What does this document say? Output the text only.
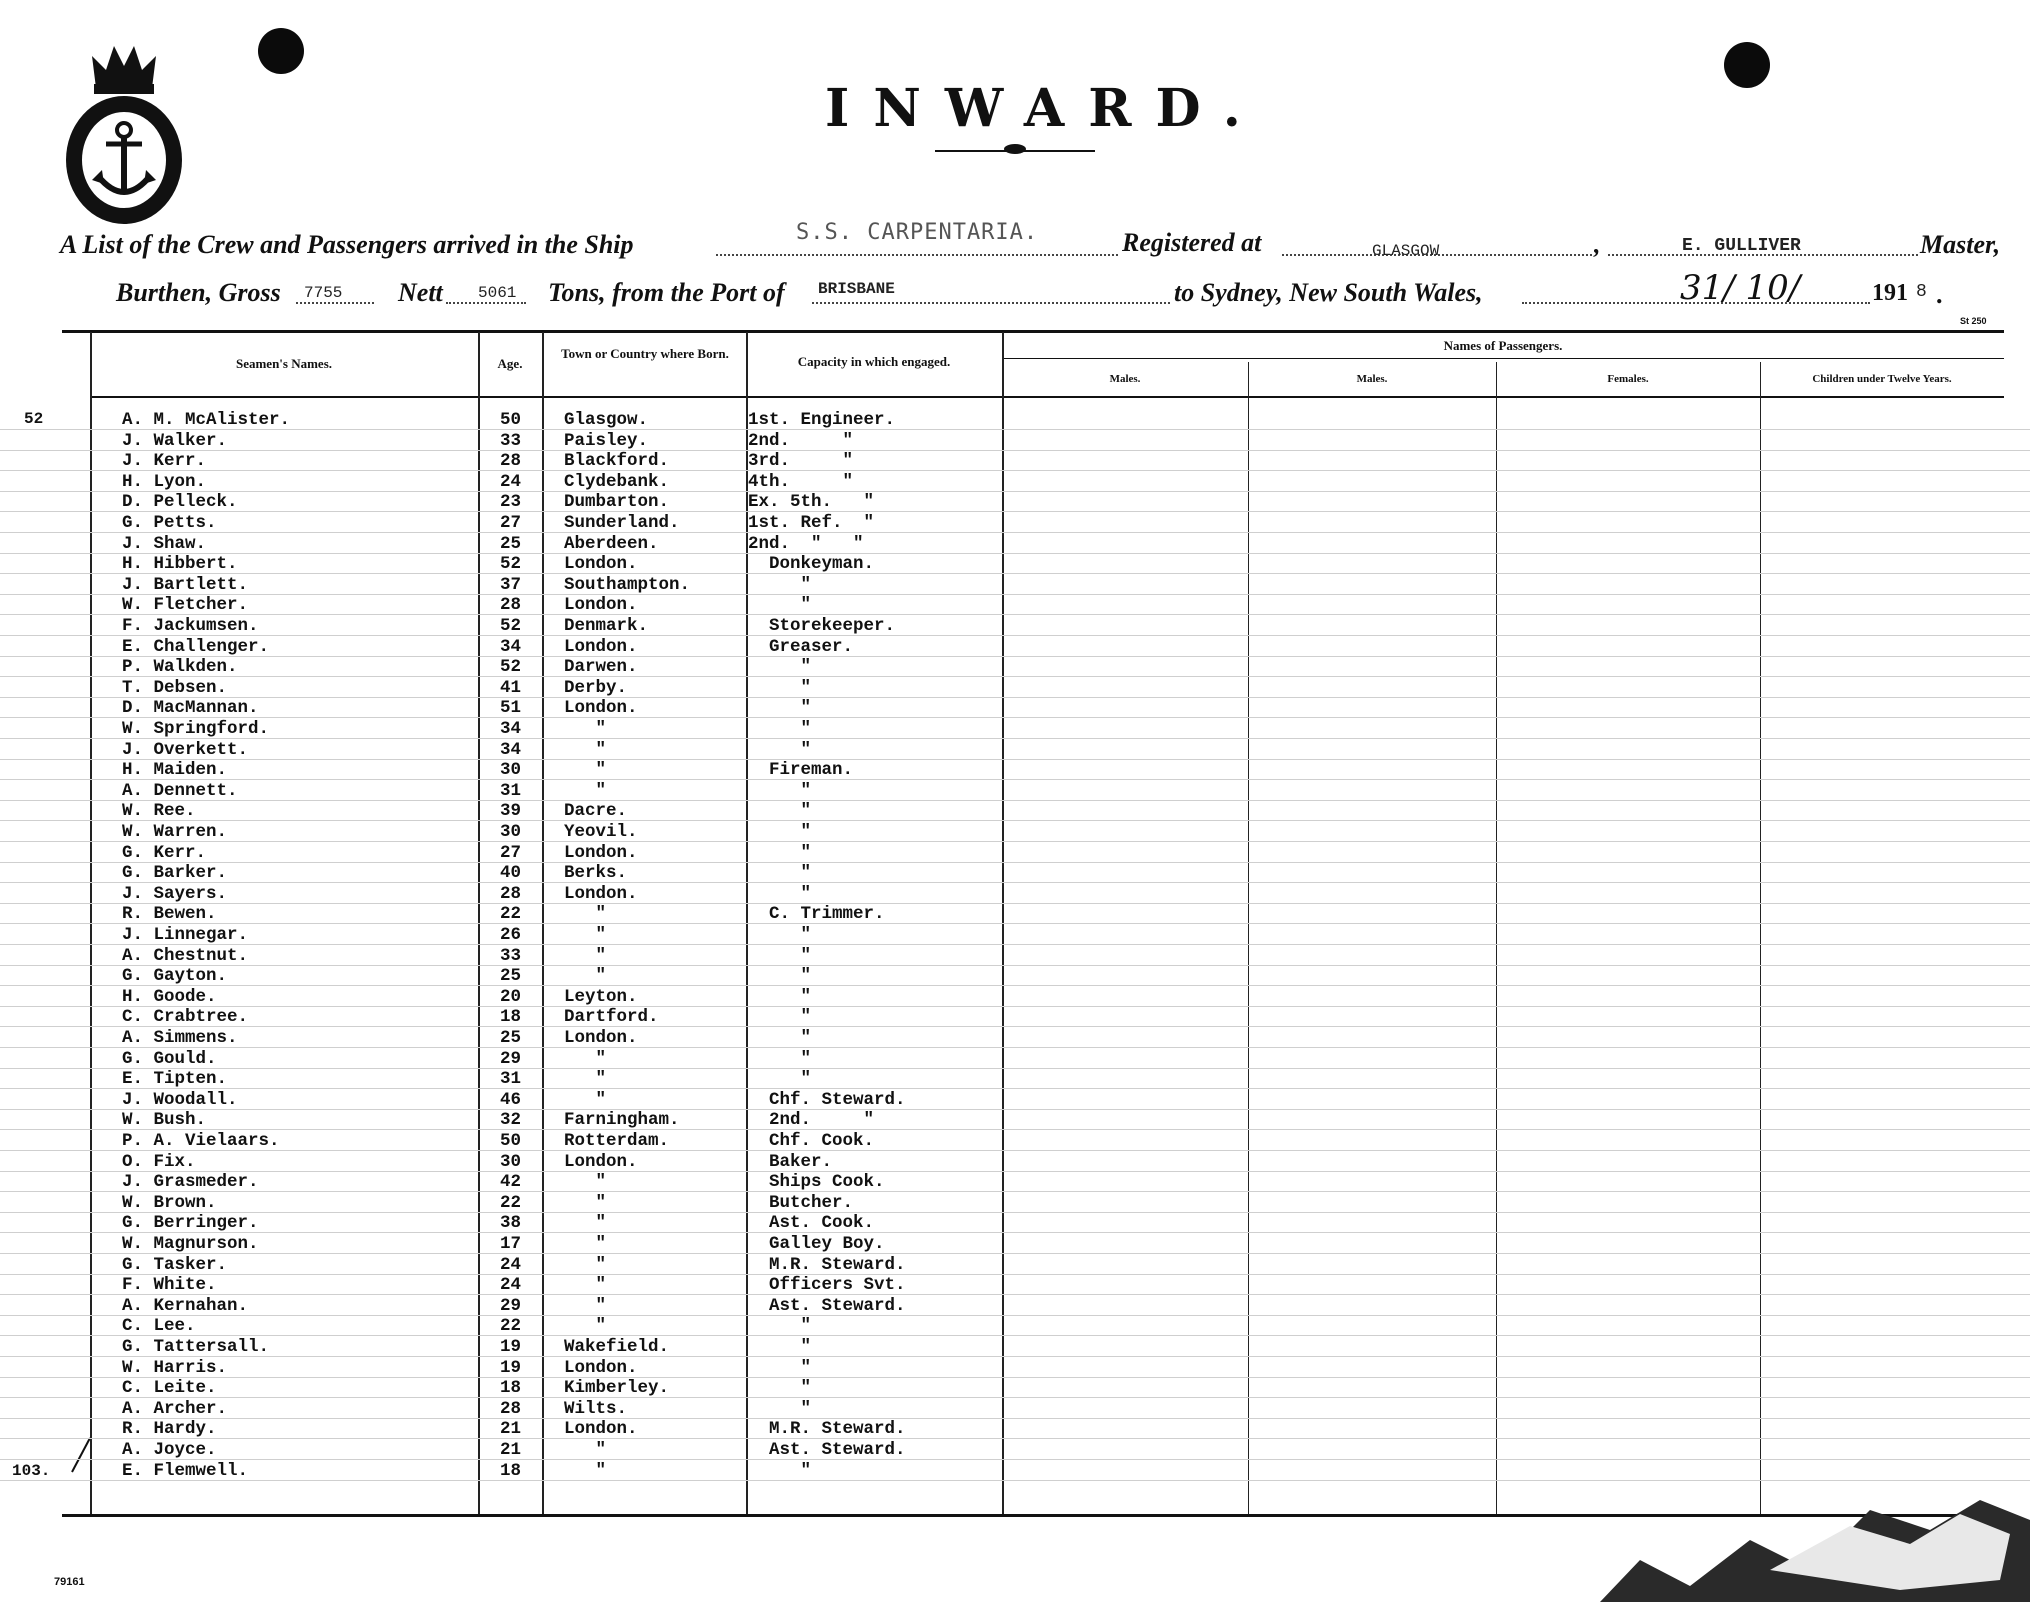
INWARD.
A List of the Crew and Passengers arrived in the Ship	S.S. CARPENTARIA.	Registered at	GLASGOW	,	E. GULLIVER	Master,
Burthen, Gross 7755 Nett 5061 Tons, from the Port of BRISBANE	to Sydney, New South Wales,	31/ 10/	191 8 .
St 250
Seamen's Names.	Age.
Town or Country where Born.
Capacity in which engaged.
Names of Passengers.
Males.	Males.	Females.	Children under Twelve Years.
52
103.
A. M. McAlister.	50 Glasgow.	1st. Engineer.
J. Walker.	33 Paisley.	2nd.     "
J. Kerr.	28 Blackford.	3rd.     "
H. Lyon.	24 Clydebank.	4th.     "
D. Pelleck.	23 Dumbarton.	Ex. 5th.   "
G. Petts.	27 Sunderland.	1st. Ref.  "
J. Shaw.	25 Aberdeen.	2nd.  "   "
H. Hibbert.	52 London.	Donkeyman.
J. Bartlett.	37 Southampton.	"
W. Fletcher.	28 London.	"
F. Jackumsen.	52 Denmark.	Storekeeper.
E. Challenger.	34 London.	Greaser.
P. Walkden.	52 Darwen.	"
T. Debsen.	41 Derby.	"
D. MacMannan.	51 London.	"
W. Springford.	34 "	"
J. Overkett.	34 "	"
H. Maiden.	30 "	Fireman.
A. Dennett.	31 "	"
W. Ree.	39 Dacre.	"
W. Warren.	30 Yeovil.	"
G. Kerr.	27 London.	"
G. Barker.	40 Berks.	"
J. Sayers.	28 London.	"
R. Bewen.	22 "	C. Trimmer.
J. Linnegar.	26 "	"
A. Chestnut.	33 "	"
G. Gayton.	25 "	"
H. Goode.	20 Leyton.	"
C. Crabtree.	18 Dartford.	"
A. Simmens.	25 London.	"
G. Gould.	29 "	"
E. Tipten.	31 "	"
J. Woodall.	46 "	Chf. Steward.
W. Bush.	32 Farningham.	2nd.     "
P. A. Vielaars.	50 Rotterdam.	Chf. Cook.
O. Fix.	30 London.	Baker.
J. Grasmeder.	42 "	Ships Cook.
W. Brown.	22 "	Butcher.
G. Berringer.	38 "	Ast. Cook.
W. Magnurson.	17 "	Galley Boy.
G. Tasker.	24 "	M.R. Steward.
F. White.	24 "	Officers Svt.
A. Kernahan.	29 "	Ast. Steward.
C. Lee.	22 "	"
G. Tattersall.	19 Wakefield.	"
W. Harris.	19 London.	"
C. Leite.	18 Kimberley.	"
A. Archer.	28 Wilts.	"
R. Hardy.	21 London.	M.R. Steward.
A. Joyce.	21 "	Ast. Steward.
E. Flemwell.	18 "	"
79161
